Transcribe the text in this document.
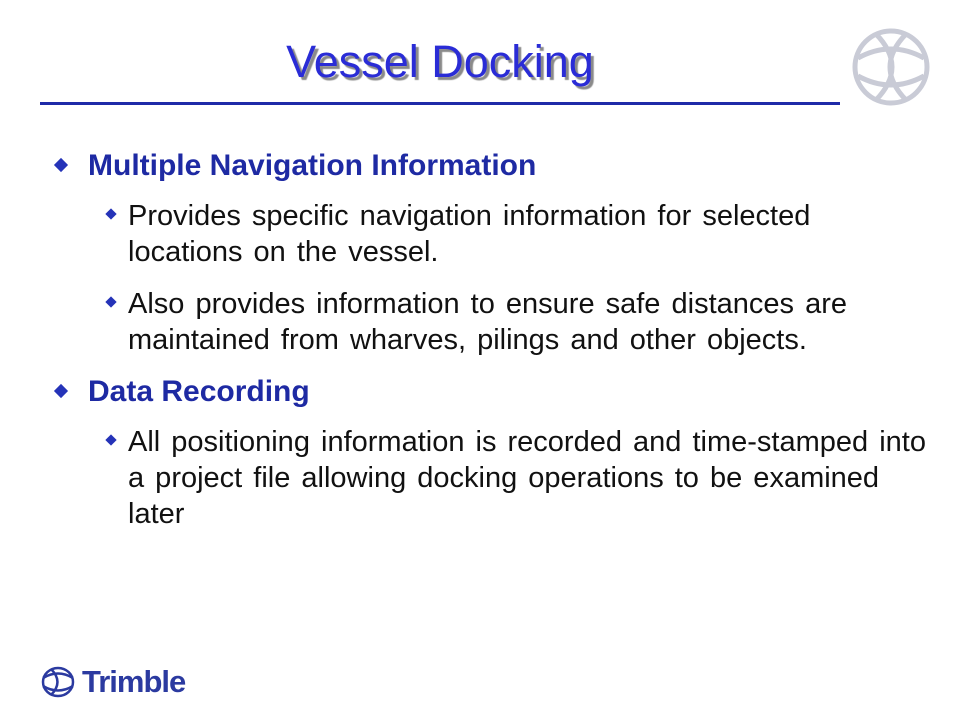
Vessel Docking
Multiple Navigation Information
Provides specific navigation information for selected locations on the vessel.
Also provides information to ensure safe distances are maintained from wharves, pilings and other objects.
Data Recording
All positioning information is recorded and time-stamped into a project file allowing docking operations to be examined later
Trimble
